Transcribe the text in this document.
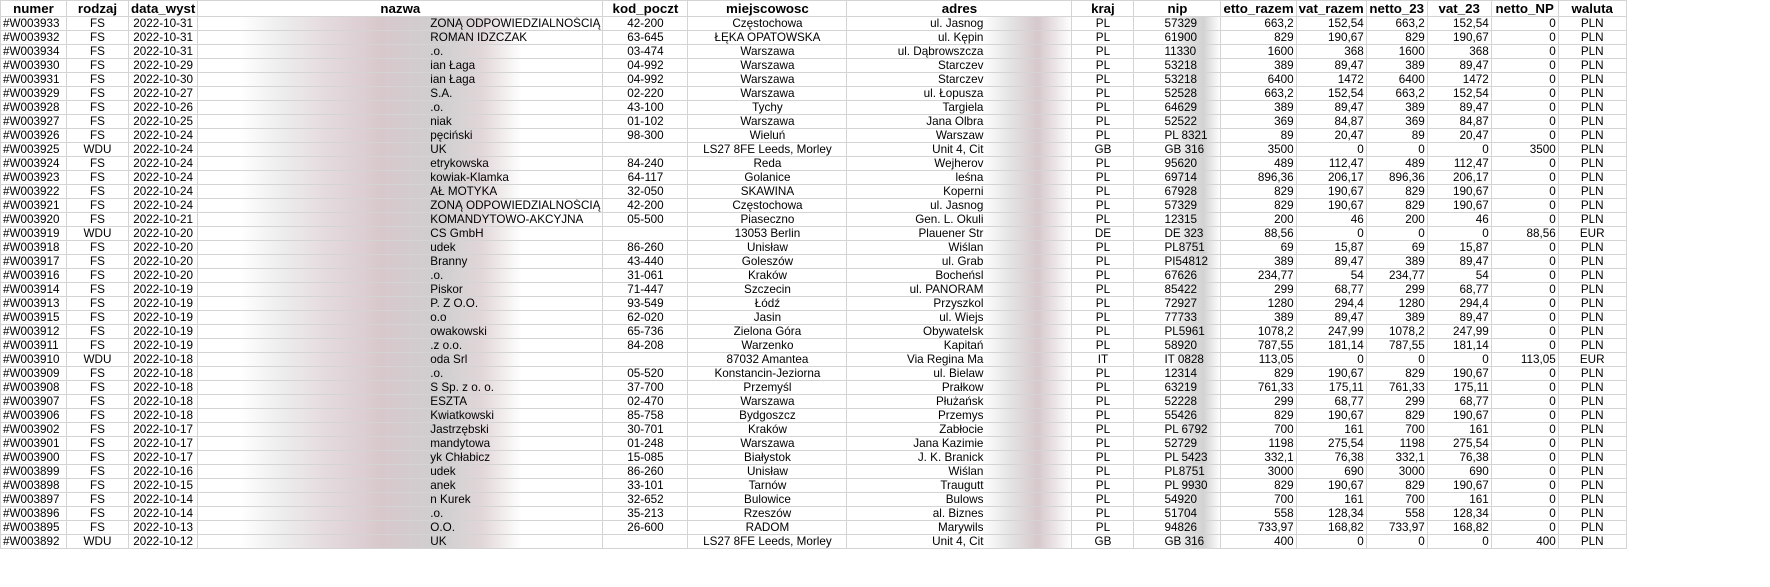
numer	rodzaj	data_wyst	nazwa	kod_poczt	miejscowosc	adres	kraj	nip	etto_razem	vat_razem	netto_23	vat_23	netto_NP	waluta
#W003933	FS	2022-10-31	ZONĄ ODPOWIEDZIALNOŚCIĄ	42-200	Częstochowa	ul. Jasnog	PL	57329	663,2	152,54	663,2	152,54	0	PLN
#W003932	FS	2022-10-31	ROMAN IDZCZAK	63-645	ŁĘKA OPATOWSKA	ul. Kępin	PL	61900	829	190,67	829	190,67	0	PLN
#W003934	FS	2022-10-31	.o.	03-474	Warszawa	ul. Dąbrowszcza	PL	11330	1600	368	1600	368	0	PLN
#W003930	FS	2022-10-29	ian Łaga	04-992	Warszawa	Starczev	PL	53218	389	89,47	389	89,47	0	PLN
#W003931	FS	2022-10-30	ian Łaga	04-992	Warszawa	Starczev	PL	53218	6400	1472	6400	1472	0	PLN
#W003929	FS	2022-10-27	S.A.	02-220	Warszawa	ul. Łopusza	PL	52528	663,2	152,54	663,2	152,54	0	PLN
#W003928	FS	2022-10-26	.o.	43-100	Tychy	Targiela	PL	64629	389	89,47	389	89,47	0	PLN
#W003927	FS	2022-10-25	niak	01-102	Warszawa	Jana Olbra	PL	52522	369	84,87	369	84,87	0	PLN
#W003926	FS	2022-10-24	pęciński	98-300	Wieluń	Warszaw	PL	PL 8321	89	20,47	89	20,47	0	PLN
#W003925	WDU	2022-10-24	UK		LS27 8FE Leeds, Morley	Unit 4, Cit	GB	GB 316	3500	0	0	0	3500	PLN
#W003924	FS	2022-10-24	etrykowska	84-240	Reda	Wejherov	PL	95620	489	112,47	489	112,47	0	PLN
#W003923	FS	2022-10-24	kowiak-Klamka	64-117	Golanice	leśna	PL	69714	896,36	206,17	896,36	206,17	0	PLN
#W003922	FS	2022-10-24	AŁ MOTYKA	32-050	SKAWINA	Koperni	PL	67928	829	190,67	829	190,67	0	PLN
#W003921	FS	2022-10-24	ZONĄ ODPOWIEDZIALNOŚCIĄ	42-200	Częstochowa	ul. Jasnog	PL	57329	829	190,67	829	190,67	0	PLN
#W003920	FS	2022-10-21	KOMANDYTOWO-AKCYJNA	05-500	Piaseczno	Gen. L. Okuli	PL	12315	200	46	200	46	0	PLN
#W003919	WDU	2022-10-20	CS GmbH		13053 Berlin	Plauener Str	DE	DE 323	88,56	0	0	0	88,56	EUR
#W003918	FS	2022-10-20	udek	86-260	Unisław	Wiślan	PL	PL8751	69	15,87	69	15,87	0	PLN
#W003917	FS	2022-10-20	Branny	43-440	Goleszów	ul. Grab	PL	PI54812	389	89,47	389	89,47	0	PLN
#W003916	FS	2022-10-20	.o.	31-061	Kraków	Bocheńsl	PL	67626	234,77	54	234,77	54	0	PLN
#W003914	FS	2022-10-19	Piskor	71-447	Szczecin	ul. PANORAM	PL	85422	299	68,77	299	68,77	0	PLN
#W003913	FS	2022-10-19	P. Z O.O.	93-549	Łódź	Przyszkol	PL	72927	1280	294,4	1280	294,4	0	PLN
#W003915	FS	2022-10-19	o.o	62-020	Jasin	ul. Wiejs	PL	77733	389	89,47	389	89,47	0	PLN
#W003912	FS	2022-10-19	owakowski	65-736	Zielona Góra	Obywatelsk	PL	PL5961	1078,2	247,99	1078,2	247,99	0	PLN
#W003911	FS	2022-10-19	.z o.o.	84-208	Warzenko	Kapitań	PL	58920	787,55	181,14	787,55	181,14	0	PLN
#W003910	WDU	2022-10-18	oda Srl		87032 Amantea	Via Regina Ma	IT	IT 0828	113,05	0	0	0	113,05	EUR
#W003909	FS	2022-10-18	.o.	05-520	Konstancin-Jeziorna	ul. Bielaw	PL	12314	829	190,67	829	190,67	0	PLN
#W003908	FS	2022-10-18	S Sp. z o. o.	37-700	Przemyśl	Prałkow	PL	63219	761,33	175,11	761,33	175,11	0	PLN
#W003907	FS	2022-10-18	ESZTA	02-470	Warszawa	Płużańsk	PL	52228	299	68,77	299	68,77	0	PLN
#W003906	FS	2022-10-18	Kwiatkowski	85-758	Bydgoszcz	Przemys	PL	55426	829	190,67	829	190,67	0	PLN
#W003902	FS	2022-10-17	Jastrzębski	30-701	Kraków	Zabłocie	PL	PL 6792	700	161	700	161	0	PLN
#W003901	FS	2022-10-17	mandytowa	01-248	Warszawa	Jana Kazimie	PL	52729	1198	275,54	1198	275,54	0	PLN
#W003900	FS	2022-10-17	yk Chłabicz	15-085	Białystok	J. K. Branick	PL	PL 5423	332,1	76,38	332,1	76,38	0	PLN
#W003899	FS	2022-10-16	udek	86-260	Unisław	Wiślan	PL	PL8751	3000	690	3000	690	0	PLN
#W003898	FS	2022-10-15	anek	33-101	Tarnów	Traugutt	PL	PL 9930	829	190,67	829	190,67	0	PLN
#W003897	FS	2022-10-14	n Kurek	32-652	Bulowice	Bulows	PL	54920	700	161	700	161	0	PLN
#W003896	FS	2022-10-14	.o.	35-213	Rzeszów	al. Biznes	PL	51704	558	128,34	558	128,34	0	PLN
#W003895	FS	2022-10-13	O.O.	26-600	RADOM	Marywils	PL	94826	733,97	168,82	733,97	168,82	0	PLN
#W003892	WDU	2022-10-12	UK		LS27 8FE Leeds, Morley	Unit 4, Cit	GB	GB 316	400	0	0	0	400	PLN
